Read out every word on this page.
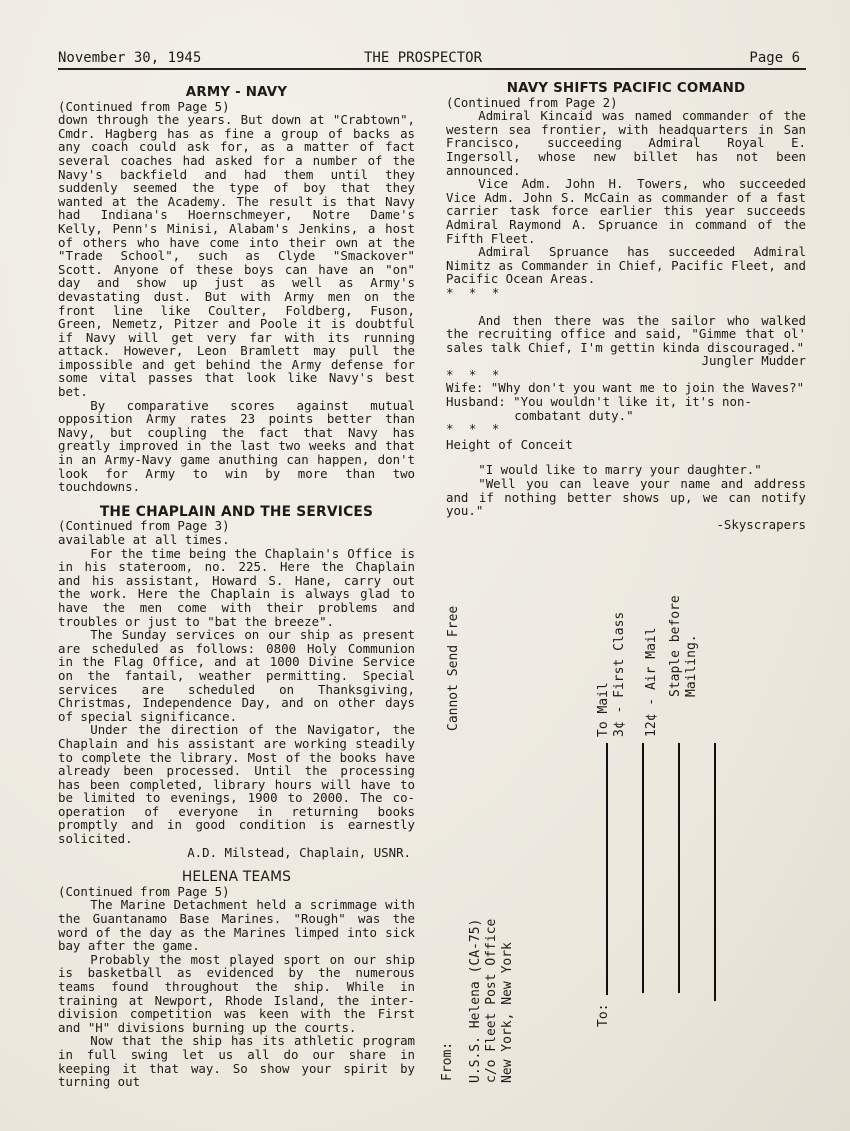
November 30, 1945	THE PROSPECTOR	Page 6
ARMY - NAVY

(Continued from Page 5)

down through the years. But down at "Crabtown", Cmdr. Hagberg has as fine a group of backs as any coach could ask for, as a matter of fact several coaches had asked for a number of the Navy's backfield and had them until they suddenly seemed the type of boy that they wanted at the Academy. The result is that Navy had Indiana's Hoernschmeyer, Notre Dame's Kelly, Penn's Minisi, Alabam's Jenkins, a host of others who have come into their own at the "Trade School", such as Clyde "Smackover" Scott. Anyone of these boys can have an "on" day and show up just as well as Army's devastating dust. But with Army men on the front line like Coulter, Foldberg, Fuson, Green, Nemetz, Pitzer and Poole it is doubtful if Navy will get very far with its running attack. However, Leon Bramlett may pull the impossible and get behind the Army defense for some vital passes that look like Navy's best bet.

By comparative scores against mutual opposition Army rates 23 points better than Navy, but coupling the fact that Navy has greatly improved in the last two weeks and that in an Army-Navy game anuthing can happen, don't look for Army to win by more than two touchdowns.

THE CHAPLAIN AND THE SERVICES

(Continued from Page 3)

available at all times.

For the time being the Chaplain's Office is in his stateroom, no. 225. Here the Chaplain and his assistant, Howard S. Hane, carry out the work. Here the Chaplain is always glad to have the men come with their problems and troubles or just to "bat the breeze".

The Sunday services on our ship as present are scheduled as follows: 0800 Holy Communion in the Flag Office, and at 1000 Divine Service on the fantail, weather permitting. Special services are scheduled on Thanksgiving, Christmas, Independence Day, and on other days of special significance.

Under the direction of the Navigator, the Chaplain and his assistant are working steadily to complete the library. Most of the books have already been processed. Until the processing has been completed, library hours will have to be limited to evenings, 1900 to 2000. The co-operation of everyone in returning books promptly and in good condition is earnestly solicited.

A.D. Milstead, Chaplain, USNR.

HELENA TEAMS

(Continued from Page 5)

The Marine Detachment held a scrimmage with the Guantanamo Base Marines. "Rough" was the word of the day as the Marines limped into sick bay after the game.

Probably the most played sport on our ship is basketball as evidenced by the numerous teams found throughout the ship. While in training at Newport, Rhode Island, the inter-division competition was keen with the First and "H" divisions burning up the courts.

Now that the ship has its athletic program in full swing let us all do our share in keeping it that way. So show your spirit by turning out

NAVY SHIFTS PACIFIC COMAND

(Continued from Page 2)

Admiral Kincaid was named commander of the western sea frontier, with headquarters in San Francisco, succeeding Admiral Royal E. Ingersoll, whose new billet has not been announced.

Vice Adm. John H. Towers, who succeeded Vice Adm. John S. McCain as commander of a fast carrier task force earlier this year succeeds Admiral Raymond A. Spruance in command of the Fifth Fleet.

Admiral Spruance has succeeded Admiral Nimitz as Commander in Chief, Pacific Fleet, and Pacific Ocean Areas.

* * *

And then there was the sailor who walked the recruiting office and said, "Gimme that ol' sales talk Chief, I'm gettin kinda discouraged."

Jungler Mudder

* * *

Wife: "Why don't you want me to join the Waves?"

Husband: "You wouldn't like it, it's non-combatant duty."

* * *

Height of Conceit

"I would like to marry your daughter."

"Well you can leave your name and address and if nothing better shows up, we can notify you."

-Skyscrapers

Cannot Send Free	To Mail 3¢ - First Class 12¢ - Air Mail Staple before Mailing.
To:
From: U.S.S. Helena (CA-75) c/o Fleet Post Office New York, New York
